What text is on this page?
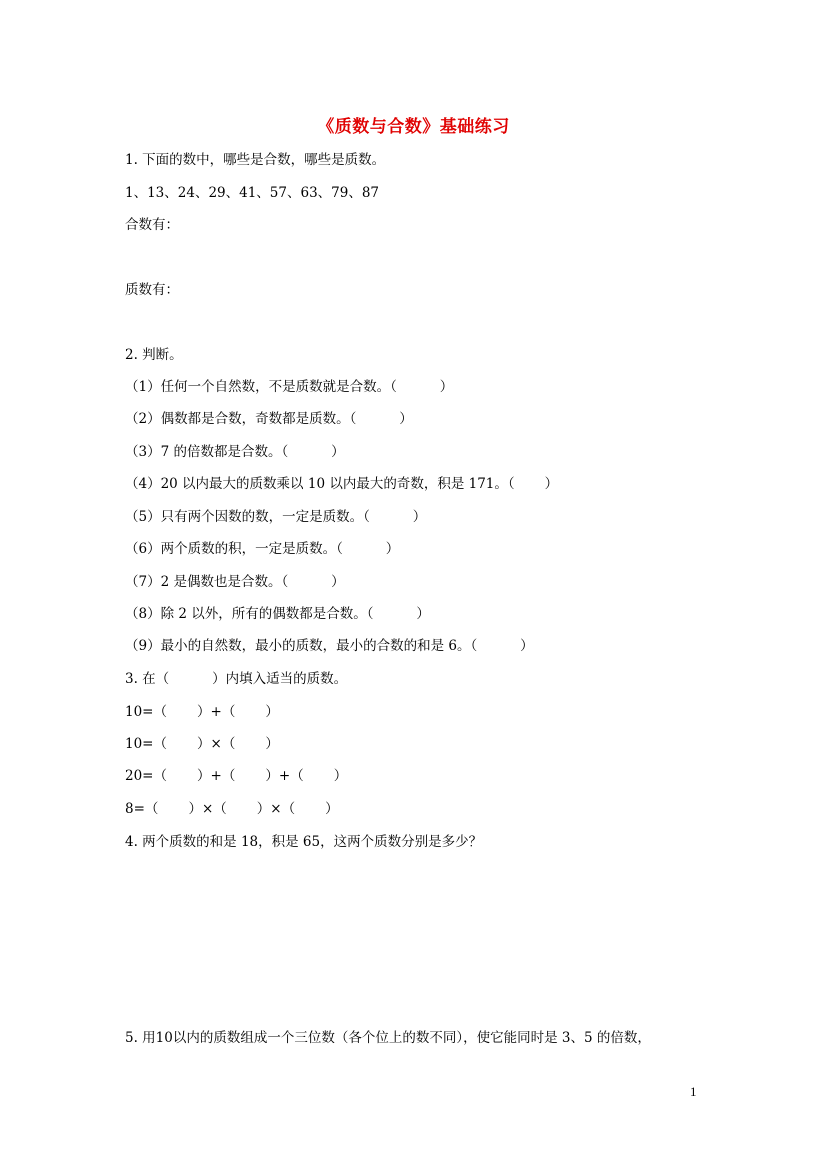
《质数与合数》基础练习
1. 下面的数中，哪些是合数，哪些是质数。
1、13、24、29、41、57、63、79、87
合数有：
质数有：
2. 判断。
（1）任何一个自然数，不是质数就是合数。（          ）
（2）偶数都是合数，奇数都是质数。（          ）
（3）7 的倍数都是合数。（          ）
（4）20 以内最大的质数乘以 10 以内最大的奇数，积是 171。（       ）
（5）只有两个因数的数，一定是质数。（          ）
（6）两个质数的积，一定是质数。（          ）
（7）2 是偶数也是合数。（          ）
（8）除 2 以外，所有的偶数都是合数。（          ）
（9）最小的自然数，最小的质数，最小的合数的和是 6。（          ）
3. 在（          ）内填入适当的质数。
10=（       ）+（       ）
10=（       ）×（       ）
20=（       ）+（       ）+（       ）
8=（       ）×（       ）×（       ）
4. 两个质数的和是 18，积是 65，这两个质数分别是多少？
5. 用10以内的质数组成一个三位数（各个位上的数不同），使它能同时是 3、5 的倍数，
1
